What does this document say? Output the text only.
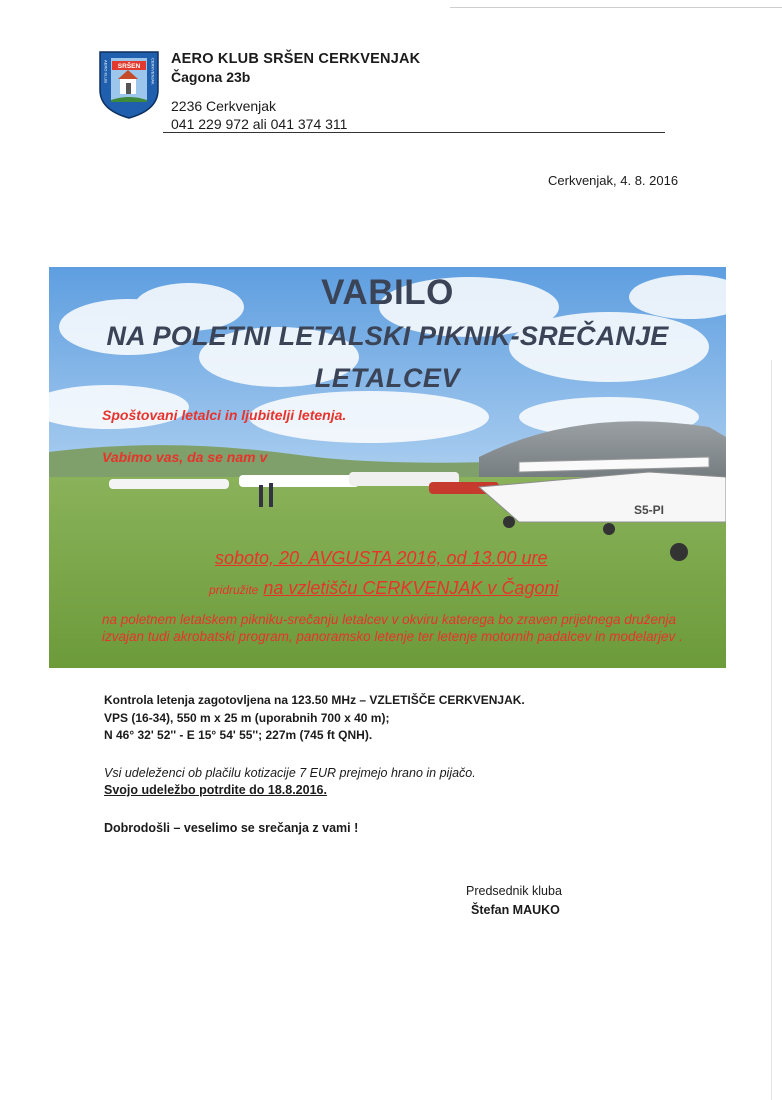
SRŠEN
AERO KLUB	CERKVENJAK AERO KLUB SRŠEN CERKVENJAK
Čagona 23b
2236 Cerkvenjak
041 229 972 ali 041 374 311
Cerkvenjak, 4. 8. 2016
S5-PI
VABILO
NA POLETNI LETALSKI PIKNIK-SREČANJE
LETALCEV
Spoštovani letalci in ljubitelji letenja.
Vabimo vas, da se nam v
soboto, 20. AVGUSTA 2016, od 13.00 ure
pridružite na vzletišču CERKVENJAK v Čagoni
na poletnem letalskem pikniku-srečanju letalcev v okviru katerega bo zraven prijetnega druženja izvajan tudi akrobatski program, panoramsko letenje ter letenje motornih padalcev in modelarjev .
Kontrola letenja zagotovljena na 123.50 MHz – VZLETIŠČE CERKVENJAK.
VPS (16-34), 550 m x 25 m (uporabnih 700 x 40 m);
N 46° 32' 52'' - E 15° 54' 55''; 227m (745 ft QNH).
Vsi udeleženci ob plačilu kotizacije 7 EUR prejmejo hrano in pijačo.
Svojo udeležbo potrdite do 18.8.2016.
Dobrodošli – veselimo se srečanja z vami !
Predsednik kluba
Štefan MAUKO
